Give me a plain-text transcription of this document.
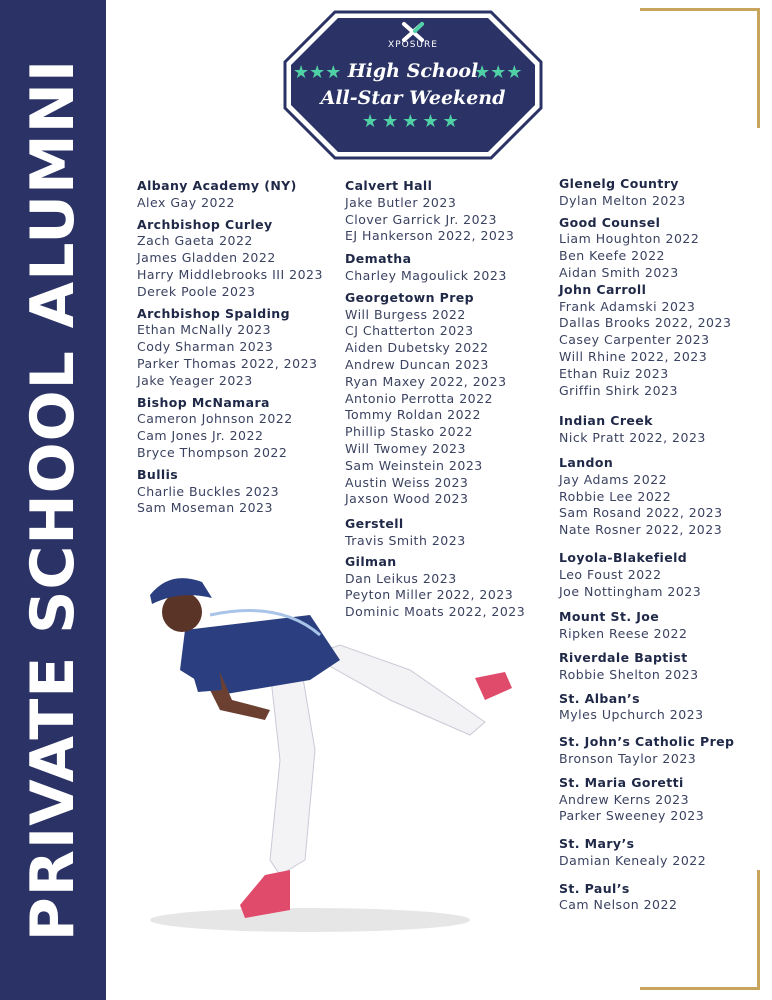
PRIVATE SCHOOL ALUMNI
XPOSURE
★★★	★★★
High School
All-Star Weekend
★★★★★
Albany Academy (NY)
Alex Gay 2022
Archbishop Curley
Zach Gaeta 2022
James Gladden 2022
Harry Middlebrooks III 2023
Derek Poole 2023
Archbishop Spalding
Ethan McNally 2023
Cody Sharman 2023
Parker Thomas 2022, 2023
Jake Yeager 2023
Bishop McNamara
Cameron Johnson 2022
Cam Jones Jr. 2022
Bryce Thompson 2022
Bullis
Charlie Buckles 2023
Sam Moseman 2023
Calvert Hall
Jake Butler 2023
Clover Garrick Jr. 2023
EJ Hankerson 2022, 2023
Dematha
Charley Magoulick 2023
Georgetown Prep
Will Burgess 2022
CJ Chatterton 2023
Aiden Dubetsky 2022
Andrew Duncan 2023
Ryan Maxey 2022, 2023
Antonio Perrotta 2022
Tommy Roldan 2022
Phillip Stasko 2022
Will Twomey 2023
Sam Weinstein 2023
Austin Weiss 2023
Jaxson Wood 2023
Gerstell
Travis Smith 2023
Gilman
Dan Leikus 2023
Peyton Miller 2022, 2023
Dominic Moats 2022, 2023
Glenelg Country
Dylan Melton 2023
Good Counsel
Liam Houghton 2022
Ben Keefe 2022
Aidan Smith 2023
John Carroll
Frank Adamski 2023
Dallas Brooks 2022, 2023
Casey Carpenter 2023
Will Rhine 2022, 2023
Ethan Ruiz 2023
Griffin Shirk 2023
Indian Creek
Nick Pratt 2022, 2023
Landon
Jay Adams 2022
Robbie Lee 2022
Sam Rosand 2022, 2023
Nate Rosner 2022, 2023
Loyola-Blakefield
Leo Foust 2022
Joe Nottingham 2023
Mount St. Joe
Ripken Reese 2022
Riverdale Baptist
Robbie Shelton 2023
St. Alban’s
Myles Upchurch 2023
St. John’s Catholic Prep
Bronson Taylor 2023
St. Maria Goretti
Andrew Kerns 2023
Parker Sweeney 2023
St. Mary’s
Damian Kenealy 2022
St. Paul’s
Cam Nelson 2022
